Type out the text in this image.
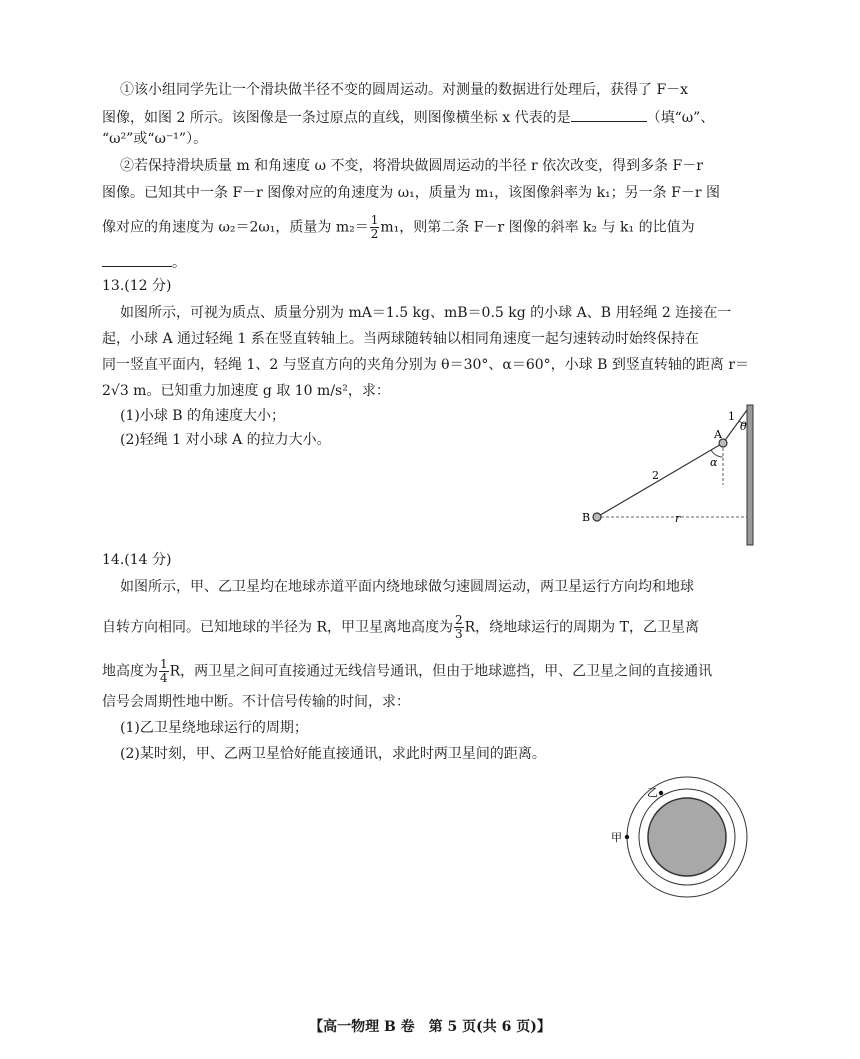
①该小组同学先让一个滑块做半径不变的圆周运动。对测量的数据进行处理后，获得了 F－x
图像，如图 2 所示。该图像是一条过原点的直线，则图像横坐标 x 代表的是	（填“ω”、
“ω²”或“ω⁻¹”）。
②若保持滑块质量 m 和角速度 ω 不变，将滑块做圆周运动的半径 r 依次改变，得到多条 F－r
图像。已知其中一条 F－r 图像对应的角速度为 ω₁，质量为 m₁，该图像斜率为 k₁；另一条 F－r 图
像对应的角速度为 ω₂＝2ω₁，质量为 $m_2= \frac{1}{2} m_1$，则第二条 F－r 图像的斜率 k₂ 与 k₁ 的比值为
。
13.(12 分)
如图所示，可视为质点、质量分别为 mA＝1.5 kg、mB＝0.5 kg 的小球 A、B 用轻绳 2 连接在一
起，小球 A 通过轻绳 1 系在竖直转轴上。当两球随转轴以相同角速度一起匀速转动时始终保持在
同一竖直平面内，轻绳 1、2 与竖直方向的夹角分别为 θ＝30°、α＝60°，小球 B 到竖直转轴的距离 r＝
2√3 m。已知重力加速度 g 取 10 m/s²，求：
(1)小球 B 的角速度大小；
(2)轻绳 1 对小球 A 的拉力大小。
1
θ
A
α
2
B	r
14.(14 分)
如图所示，甲、乙卫星均在地球赤道平面内绕地球做匀速圆周运动，两卫星运行方向均和地球
自转方向相同。已知地球的半径为 R，甲卫星离地高度为 $\frac{2}{3}$ R，绕地球运行的周期为 T，乙卫星离
地高度为 $\frac{1}{4}$ R，两卫星之间可直接通过无线信号通讯，但由于地球遮挡，甲、乙卫星之间的直接通讯
信号会周期性地中断。不计信号传输的时间，求：
(1)乙卫星绕地球运行的周期；
(2)某时刻，甲、乙两卫星恰好能直接通讯，求此时两卫星间的距离。
乙
甲
【高一物理 B 卷　第 5 页(共 6 页)】
